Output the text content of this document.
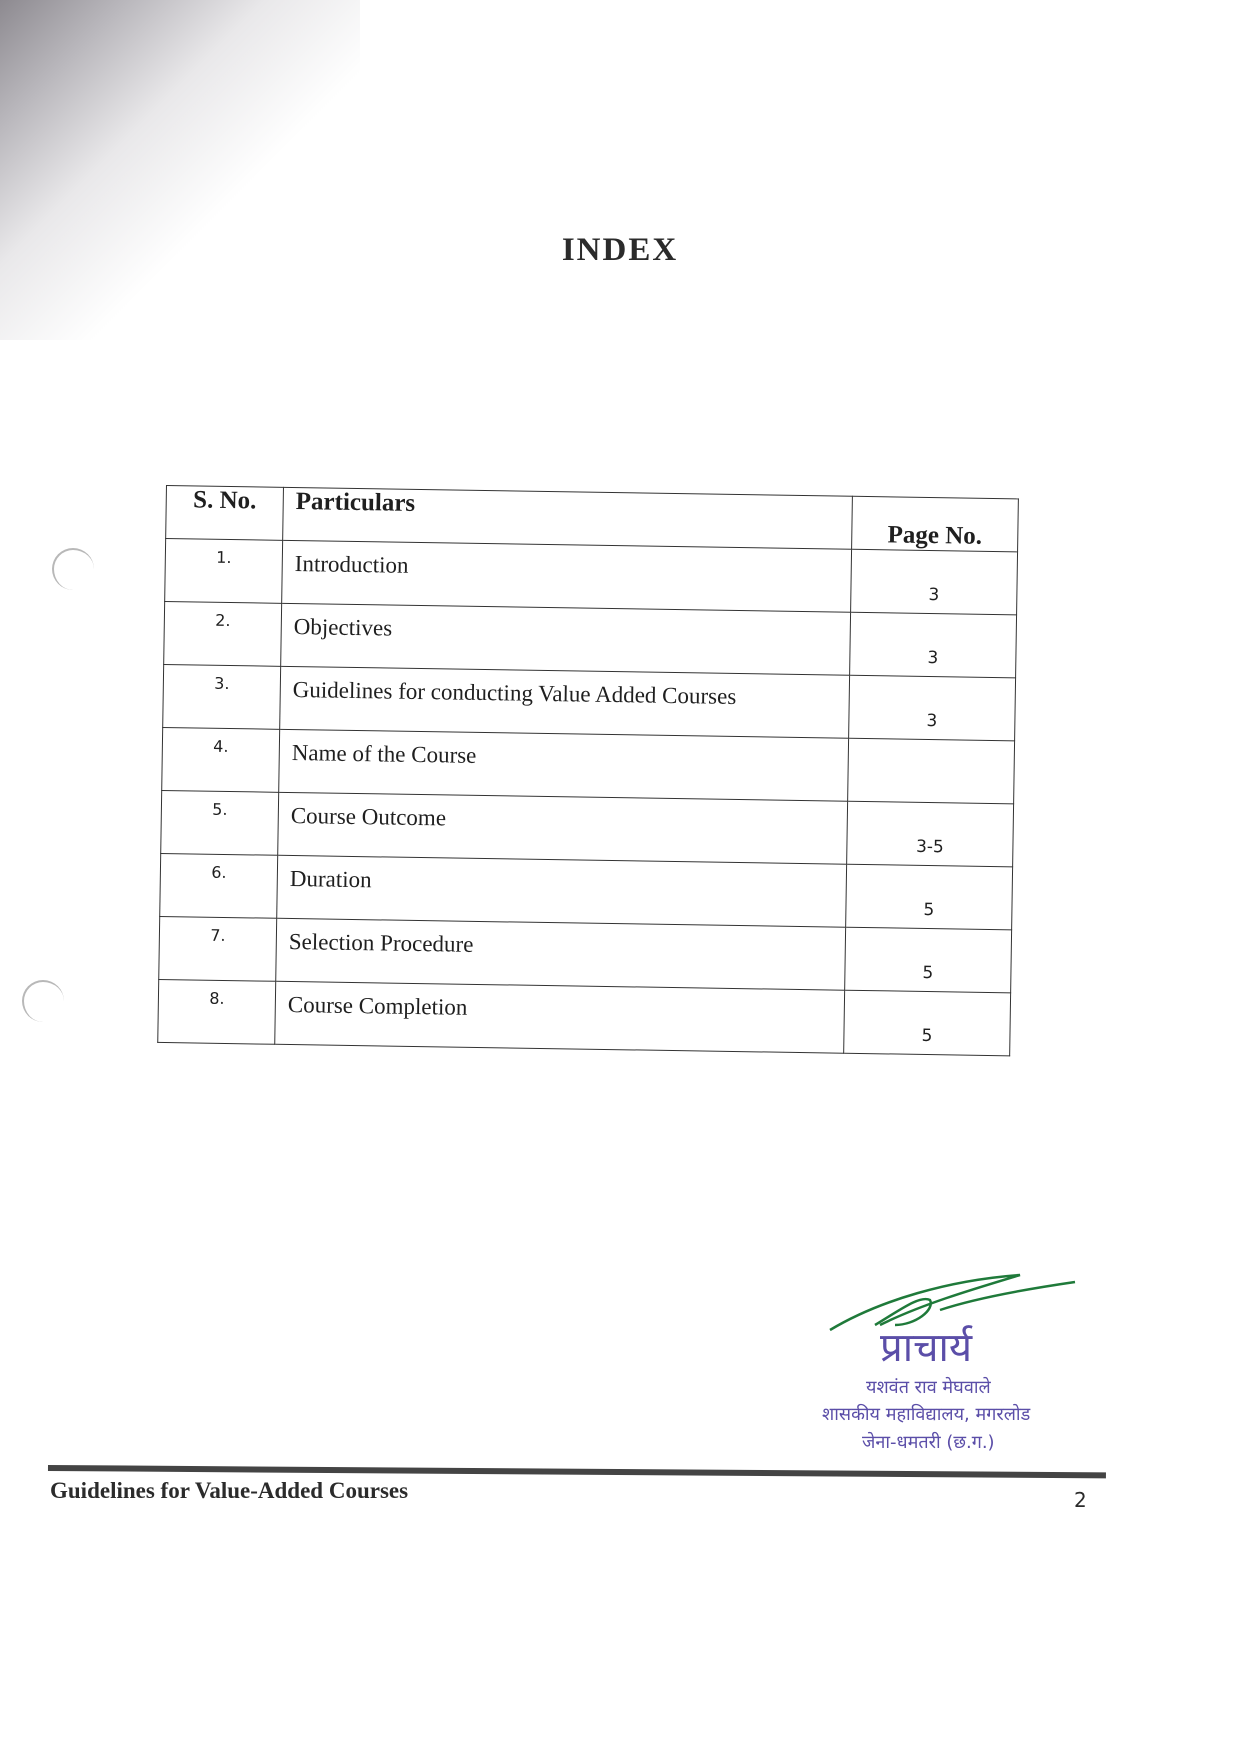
INDEX
S. No.	Particulars	Page No.
1.	Introduction	3
2.	Objectives	3
3.	Guidelines for conducting Value Added Courses	3
4.	Name of the Course	
5.	Course Outcome	3-5
6.	Duration	5
7.	Selection Procedure	5
8.	Course Completion	5
प्राचार्य
यशवंत राव मेघवाले
शासकीय महाविद्यालय, मगरलोड
जेना-धमतरी (छ.ग.)
Guidelines for Value-Added Courses	2
